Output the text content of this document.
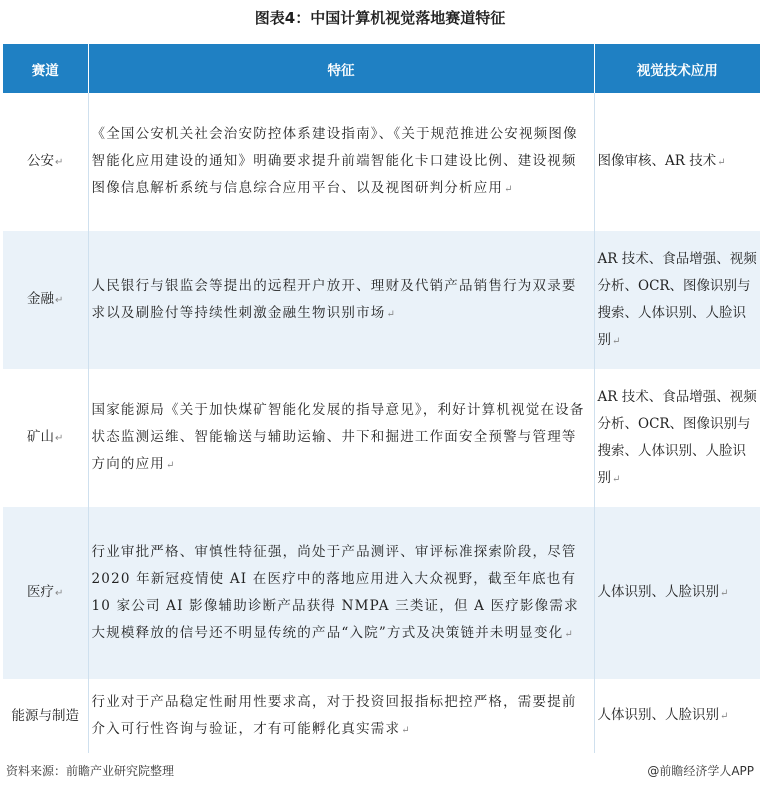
图表4：中国计算机视觉落地赛道特征
赛道	特征	视觉技术应用
公安↵	《全国公安机关社会治安防控体系建设指南》、《关于规范推进公安视频图像智能化应用建设的通知》明确要求提升前端智能化卡口建设比例、建设视频图像信息解析系统与信息综合应用平台、以及视图研判分析应用↵	图像审核、AR 技术↵
金融↵	人民银行与银监会等提出的远程开户放开、理财及代销产品销售行为双录要求以及刷脸付等持续性刺激金融生物识别市场↵	AR 技术、食品增强、视频分析、OCR、图像识别与搜索、人体识别、人脸识别↵
矿山↵	国家能源局《关于加快煤矿智能化发展的指导意见》，利好计算机视觉在设备状态监测运维、智能输送与辅助运输、井下和掘进工作面安全预警与管理等方向的应用↵	AR 技术、食品增强、视频分析、OCR、图像识别与搜索、人体识别、人脸识别↵
医疗↵	行业审批严格、审慎性特征强，尚处于产品测评、审评标准探索阶段，尽管 2020 年新冠疫情使 AI 在医疗中的落地应用进入大众视野，截至年底也有 10 家公司 AI 影像辅助诊断产品获得 NMPA 三类证，但 A 医疗影像需求大规模释放的信号还不明显传统的产品“入院”方式及决策链并未明显变化↵	人体识别、人脸识别↵
能源与制造	行业对于产品稳定性耐用性要求高，对于投资回报指标把控严格，需要提前介入可行性咨询与验证，才有可能孵化真实需求↵	人体识别、人脸识别↵
资料来源：前瞻产业研究院整理	@前瞻经济学人APP
